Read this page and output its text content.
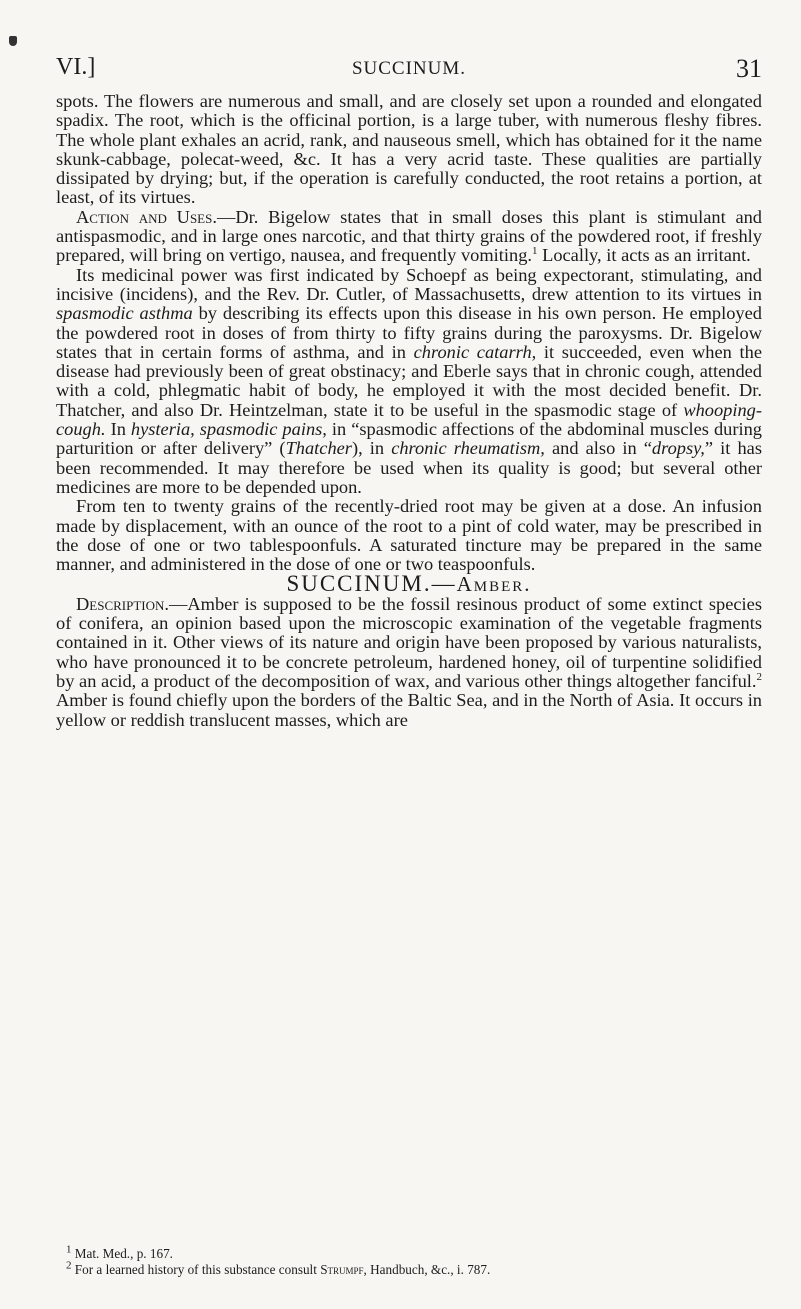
VI.]	SUCCINUM.	31

spots. The flowers are numerous and small, and are closely set upon a rounded and elongated spadix. The root, which is the officinal portion, is a large tuber, with numerous fleshy fibres. The whole plant exhales an acrid, rank, and nauseous smell, which has obtained for it the name skunk-cabbage, polecat-weed, &c. It has a very acrid taste. These qualities are partially dissipated by drying; but, if the operation is carefully conducted, the root retains a portion, at least, of its virtues.

Action and Uses.—Dr. Bigelow states that in small doses this plant is stimulant and antispasmodic, and in large ones narcotic, and that thirty grains of the powdered root, if freshly prepared, will bring on vertigo, nausea, and frequently vomiting.$^1$ Locally, it acts as an irritant.

Its medicinal power was first indicated by Schoepf as being expectorant, stimulating, and incisive (incidens), and the Rev. Dr. Cutler, of Massachusetts, drew attention to its virtues in spasmodic asthma by describing its effects upon this disease in his own person. He employed the powdered root in doses of from thirty to fifty grains during the paroxysms. Dr. Bigelow states that in certain forms of asthma, and in chronic catarrh, it succeeded, even when the disease had previously been of great obstinacy; and Eberle says that in chronic cough, attended with a cold, phlegmatic habit of body, he employed it with the most decided benefit. Dr. Thatcher, and also Dr. Heintzelman, state it to be useful in the spasmodic stage of whooping-cough. In hysteria, spasmodic pains, in “spasmodic affections of the abdominal muscles during parturition or after delivery” (Thatcher), in chronic rheumatism, and also in “dropsy,” it has been recommended. It may therefore be used when its quality is good; but several other medicines are more to be depended upon.

From ten to twenty grains of the recently-dried root may be given at a dose. An infusion made by displacement, with an ounce of the root to a pint of cold water, may be prescribed in the dose of one or two tablespoonfuls. A saturated tincture may be prepared in the same manner, and administered in the dose of one or two teaspoonfuls.

SUCCINUM.—Amber.

Description.—Amber is supposed to be the fossil resinous product of some extinct species of conifera, an opinion based upon the microscopic examination of the vegetable fragments contained in it. Other views of its nature and origin have been proposed by various naturalists, who have pronounced it to be concrete petroleum, hardened honey, oil of turpentine solidified by an acid, a product of the decomposition of wax, and various other things altogether fanciful.$^2$ Amber is found chiefly upon the borders of the Baltic Sea, and in the North of Asia. It occurs in yellow or reddish translucent masses, which are

$^1$ Mat. Med., p. 167.
$^2$ For a learned history of this substance consult Strumpf, Handbuch, &c., i. 787.
